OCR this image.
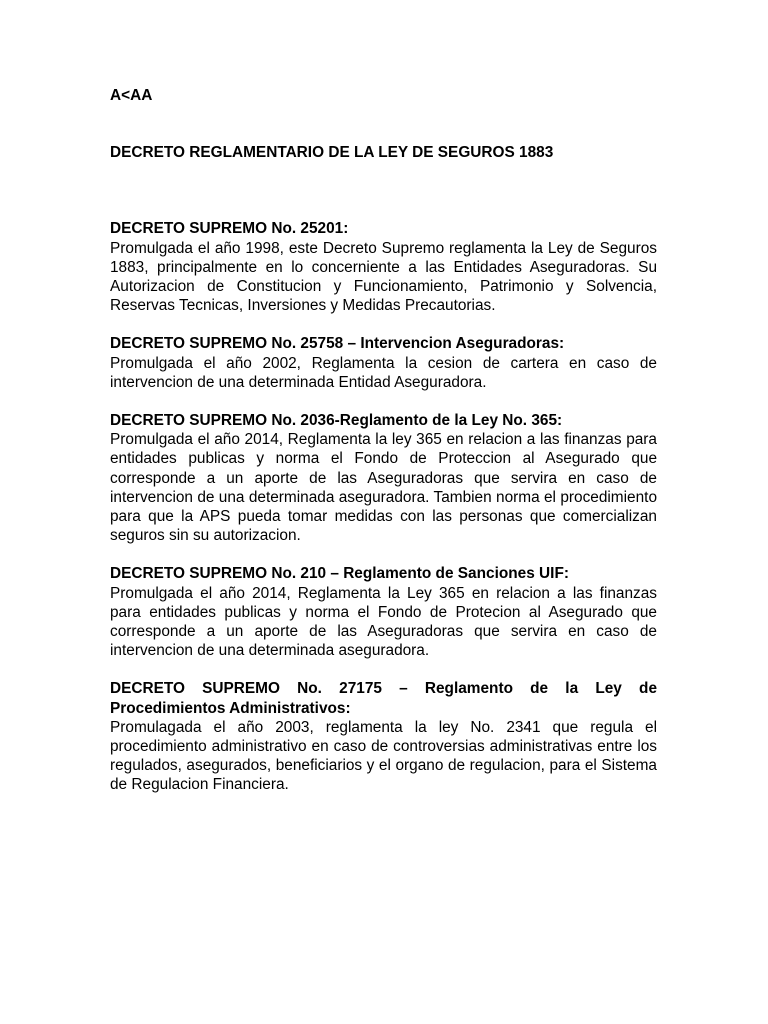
A<AA

DECRETO REGLAMENTARIO DE LA LEY DE SEGUROS 1883

DECRETO SUPREMO No. 25201:

Promulgada el año 1998, este Decreto Supremo reglamenta la Ley de Seguros 1883, principalmente en lo concerniente a las Entidades Aseguradoras. Su Autorizacion de Constitucion y Funcionamiento, Patrimonio y Solvencia, Reservas Tecnicas, Inversiones y Medidas Precautorias.

DECRETO SUPREMO No. 25758 – Intervencion Aseguradoras:

Promulgada el año 2002, Reglamenta la cesion de cartera en caso de intervencion de una determinada Entidad Aseguradora.

DECRETO SUPREMO No. 2036-Reglamento de la Ley No. 365:

Promulgada el año 2014, Reglamenta la ley 365 en relacion a las finanzas para entidades publicas y norma el Fondo de Proteccion al Asegurado que corresponde a un aporte de las Aseguradoras que servira en caso de intervencion de una determinada aseguradora. Tambien norma el procedimiento para que la APS pueda tomar medidas con las personas que comercializan seguros sin su autorizacion.

DECRETO SUPREMO No. 210 – Reglamento de Sanciones UIF:

Promulgada el año 2014, Reglamenta la Ley 365 en relacion a las finanzas para entidades publicas y norma el Fondo de Protecion al Asegurado que corresponde a un aporte de las Aseguradoras que servira en caso de intervencion de una determinada aseguradora.

DECRETO SUPREMO No. 27175 – Reglamento de la Ley de Procedimientos Administrativos:

Promulagada el año 2003, reglamenta la ley No. 2341 que regula el procedimiento administrativo en caso de controversias administrativas entre los regulados, asegurados, beneficiarios y el organo de regulacion, para el Sistema de Regulacion Financiera.
